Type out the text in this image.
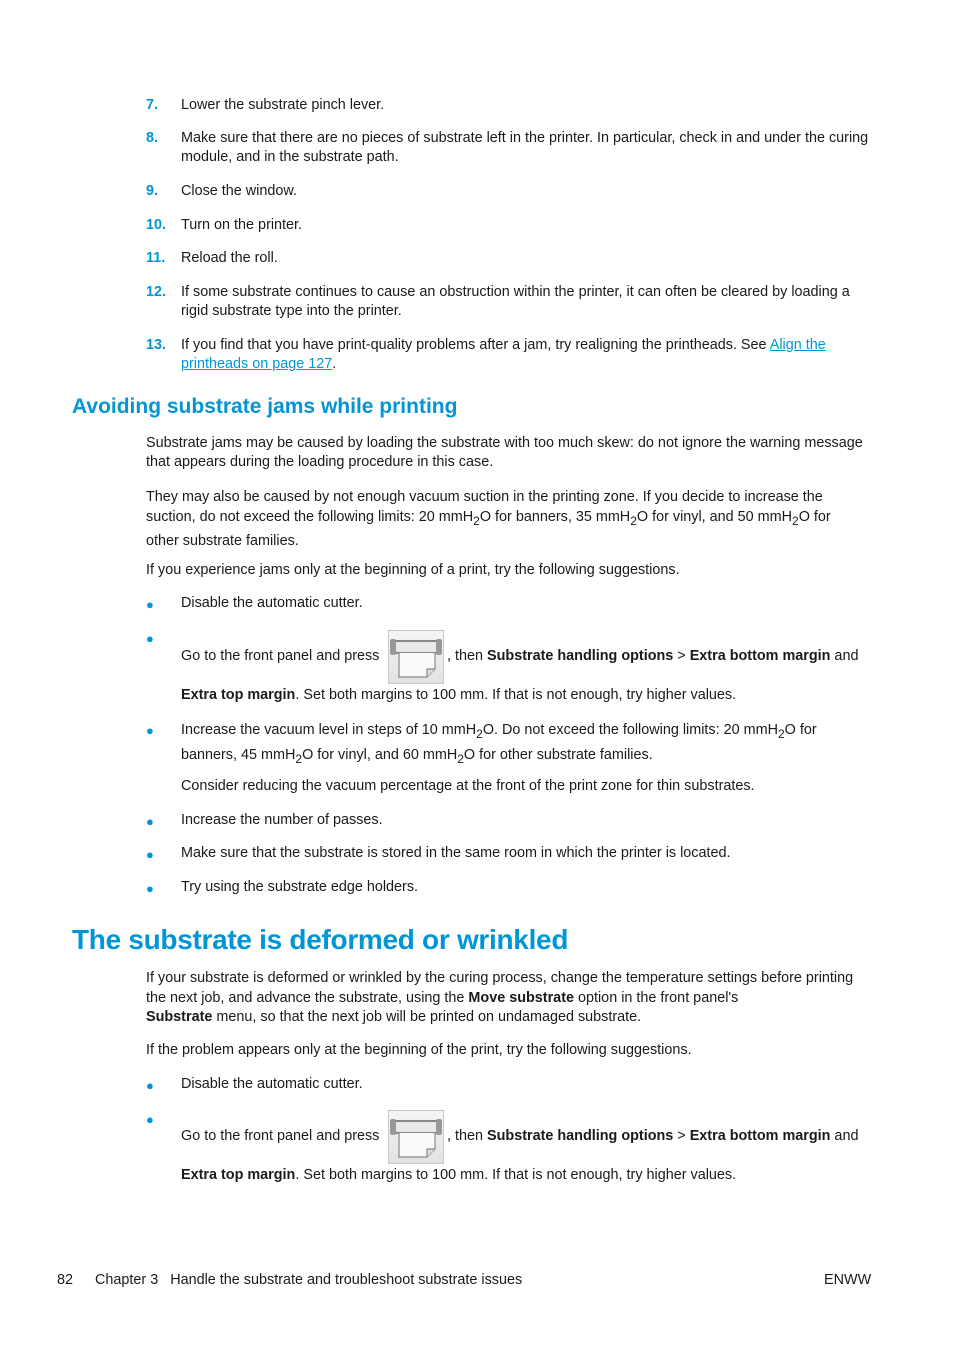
7. Lower the substrate pinch lever.
8. Make sure that there are no pieces of substrate left in the printer. In particular, check in and under the curing module, and in the substrate path.
9. Close the window.
10. Turn on the printer.
11. Reload the roll.
12. If some substrate continues to cause an obstruction within the printer, it can often be cleared by loading a rigid substrate type into the printer.
13. If you find that you have print-quality problems after a jam, try realigning the printheads. See Align the printheads on page 127.
Avoiding substrate jams while printing
Substrate jams may be caused by loading the substrate with too much skew: do not ignore the warning message that appears during the loading procedure in this case.
They may also be caused by not enough vacuum suction in the printing zone. If you decide to increase the suction, do not exceed the following limits: 20 mmH$_2$O for banners, 35 mmH$_2$O for vinyl, and 50 mmH$_2$O for other substrate families.
If you experience jams only at the beginning of a print, try the following suggestions.
● Disable the automatic cutter.
●
Go to the front panel and press	, then Substrate handling options > Extra bottom margin and
Extra top margin. Set both margins to 100 mm. If that is not enough, try higher values.
● Increase the vacuum level in steps of 10 mmH$_2$O. Do not exceed the following limits: 20 mmH$_2$O for
banners, 45 mmH$_2$O for vinyl, and 60 mmH$_2$O for other substrate families.
Consider reducing the vacuum percentage at the front of the print zone for thin substrates.
● Increase the number of passes.
● Make sure that the substrate is stored in the same room in which the printer is located.
● Try using the substrate edge holders.
The substrate is deformed or wrinkled
If your substrate is deformed or wrinkled by the curing process, change the temperature settings before printing the next job, and advance the substrate, using the Move substrate option in the front panel's
Substrate menu, so that the next job will be printed on undamaged substrate.
If the problem appears only at the beginning of the print, try the following suggestions.
● Disable the automatic cutter.
●
Go to the front panel and press	, then Substrate handling options > Extra bottom margin and
Extra top margin. Set both margins to 100 mm. If that is not enough, try higher values.
82 Chapter 3   Handle the substrate and troubleshoot substrate issues	ENWW
